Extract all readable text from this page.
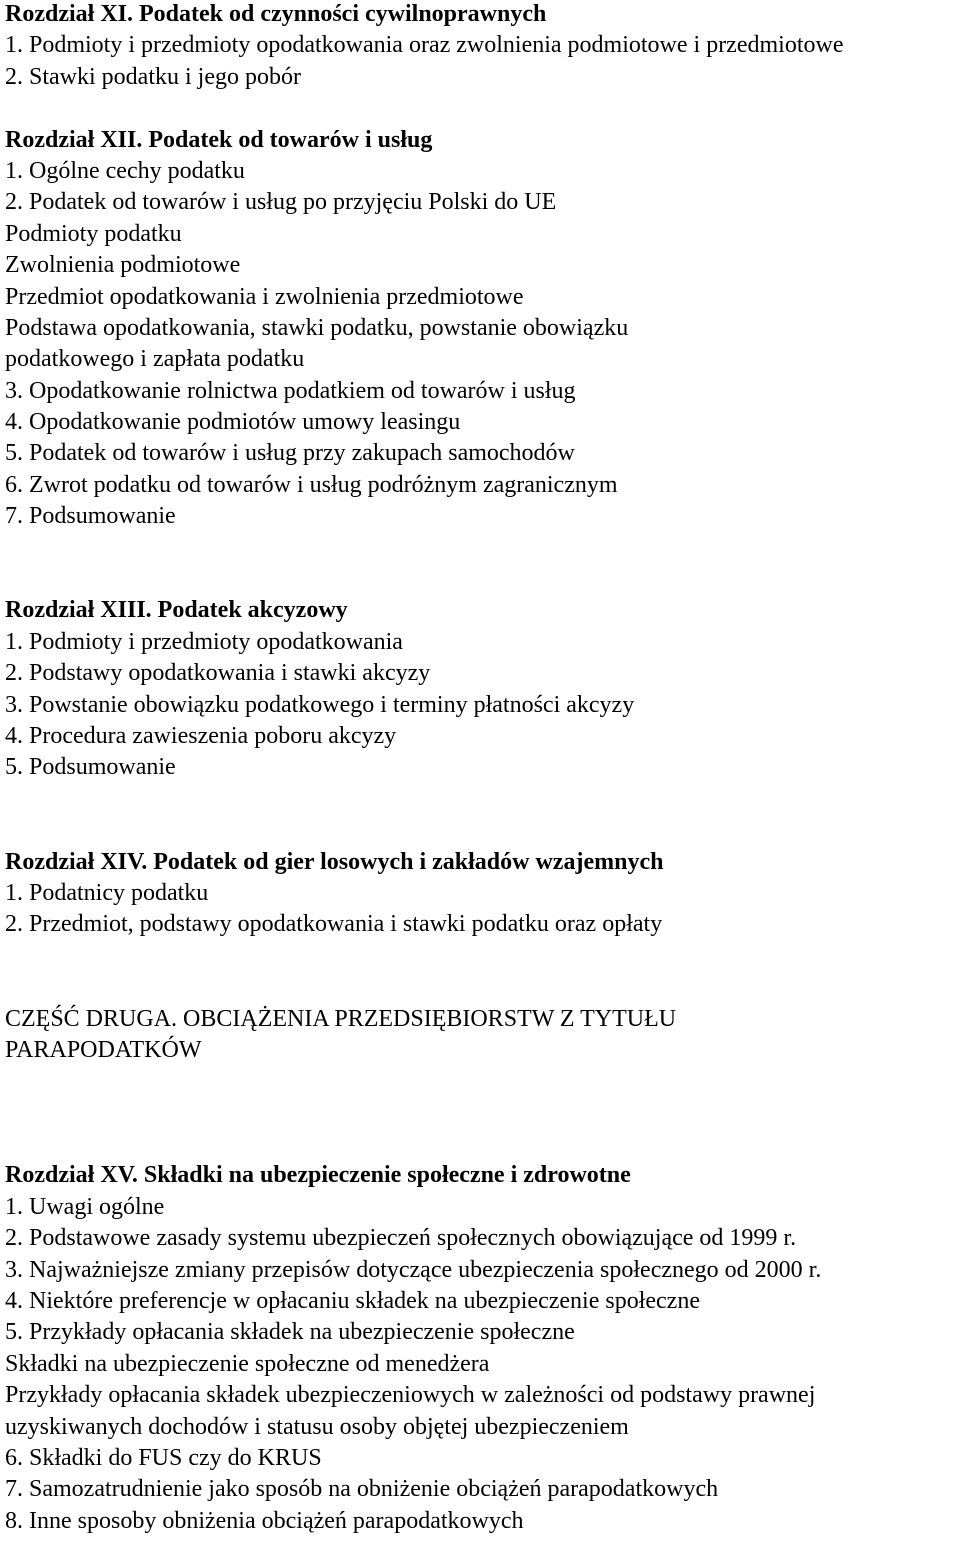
Rozdział XI. Podatek od czynności cywilnoprawnych
1. Podmioty i przedmioty opodatkowania oraz zwolnienia podmiotowe i przedmiotowe
2. Stawki podatku i jego pobór
Rozdział XII. Podatek od towarów i usług
1. Ogólne cechy podatku
2. Podatek od towarów i usług po przyjęciu Polski do UE
Podmioty podatku
Zwolnienia podmiotowe
Przedmiot opodatkowania i zwolnienia przedmiotowe
Podstawa opodatkowania, stawki podatku, powstanie obowiązku
podatkowego i zapłata podatku
3. Opodatkowanie rolnictwa podatkiem od towarów i usług
4. Opodatkowanie podmiotów umowy leasingu
5. Podatek od towarów i usług przy zakupach samochodów
6. Zwrot podatku od towarów i usług podróżnym zagranicznym
7. Podsumowanie
Rozdział XIII. Podatek akcyzowy
1. Podmioty i przedmioty opodatkowania
2. Podstawy opodatkowania i stawki akcyzy
3. Powstanie obowiązku podatkowego i terminy płatności akcyzy
4. Procedura zawieszenia poboru akcyzy
5. Podsumowanie
Rozdział XIV. Podatek od gier losowych i zakładów wzajemnych
1. Podatnicy podatku
2. Przedmiot, podstawy opodatkowania i stawki podatku oraz opłaty
CZĘŚĆ DRUGA. OBCIĄŻENIA PRZEDSIĘBIORSTW Z TYTUŁU
PARAPODATKÓW
Rozdział XV. Składki na ubezpieczenie społeczne i zdrowotne
1. Uwagi ogólne
2. Podstawowe zasady systemu ubezpieczeń społecznych obowiązujące od 1999 r.
3. Najważniejsze zmiany przepisów dotyczące ubezpieczenia społecznego od 2000 r.
4. Niektóre preferencje w opłacaniu składek na ubezpieczenie społeczne
5. Przykłady opłacania składek na ubezpieczenie społeczne
Składki na ubezpieczenie społeczne od menedżera
Przykłady opłacania składek ubezpieczeniowych w zależności od podstawy prawnej
uzyskiwanych dochodów i statusu osoby objętej ubezpieczeniem
6. Składki do FUS czy do KRUS
7. Samozatrudnienie jako sposób na obniżenie obciążeń parapodatkowych
8. Inne sposoby obniżenia obciążeń parapodatkowych
